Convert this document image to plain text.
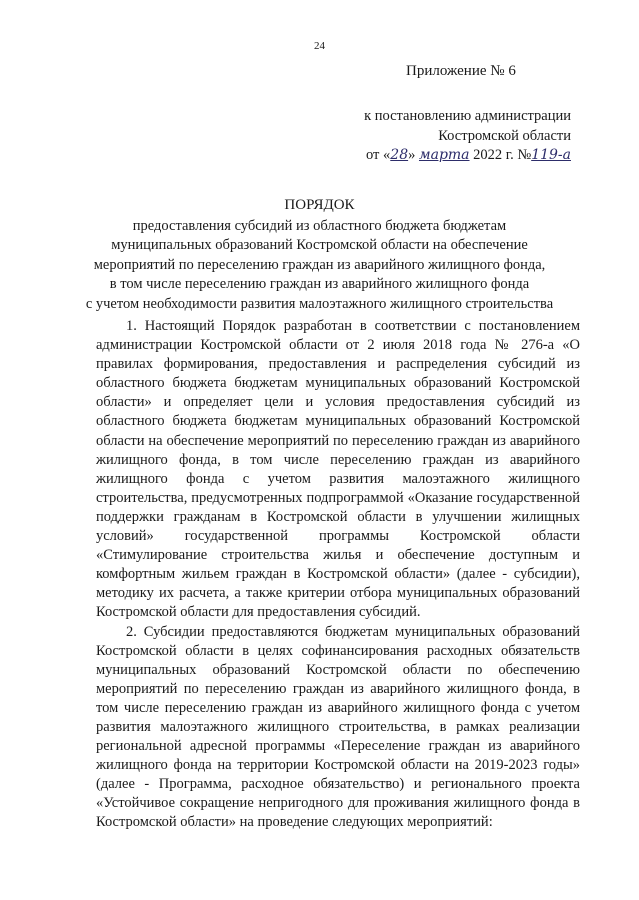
24
Приложение № 6
к постановлению администрации
Костромской области
от «28» марта 2022 г. №119-а
ПОРЯДОК
предоставления субсидий из областного бюджета бюджетам
муниципальных образований Костромской области на обеспечение
мероприятий по переселению граждан из аварийного жилищного фонда,
в том числе переселению граждан из аварийного жилищного фонда
с учетом необходимости развития малоэтажного жилищного строительства

1. Настоящий Порядок разработан в соответствии с постановлением администрации Костромской области от 2 июля 2018 года № 276-а «О правилах формирования, предоставления и распределения субсидий из областного бюджета бюджетам муниципальных образований Костромской области» и определяет цели и условия предоставления субсидий из областного бюджета бюджетам муниципальных образований Костромской области на обеспечение мероприятий по переселению граждан из аварийного жилищного фонда, в том числе переселению граждан из аварийного жилищного фонда с учетом развития малоэтажного жилищного строительства, предусмотренных подпрограммой «Оказание государственной поддержки гражданам в Костромской области в улучшении жилищных условий» государственной программы Костромской области «Стимулирование строительства жилья и обеспечение доступным и комфортным жильем граждан в Костромской области» (далее - субсидии), методику их расчета, а также критерии отбора муниципальных образований Костромской области для предоставления субсидий.

2. Субсидии предоставляются бюджетам муниципальных образований Костромской области в целях софинансирования расходных обязательств муниципальных образований Костромской области по обеспечению мероприятий по переселению граждан из аварийного жилищного фонда, в том числе переселению граждан из аварийного жилищного фонда с учетом развития малоэтажного жилищного строительства, в рамках реализации региональной адресной программы «Переселение граждан из аварийного жилищного фонда на территории Костромской области на 2019-2023 годы» (далее - Программа, расходное обязательство) и регионального проекта «Устойчивое сокращение непригодного для проживания жилищного фонда в Костромской области» на проведение следующих мероприятий:
